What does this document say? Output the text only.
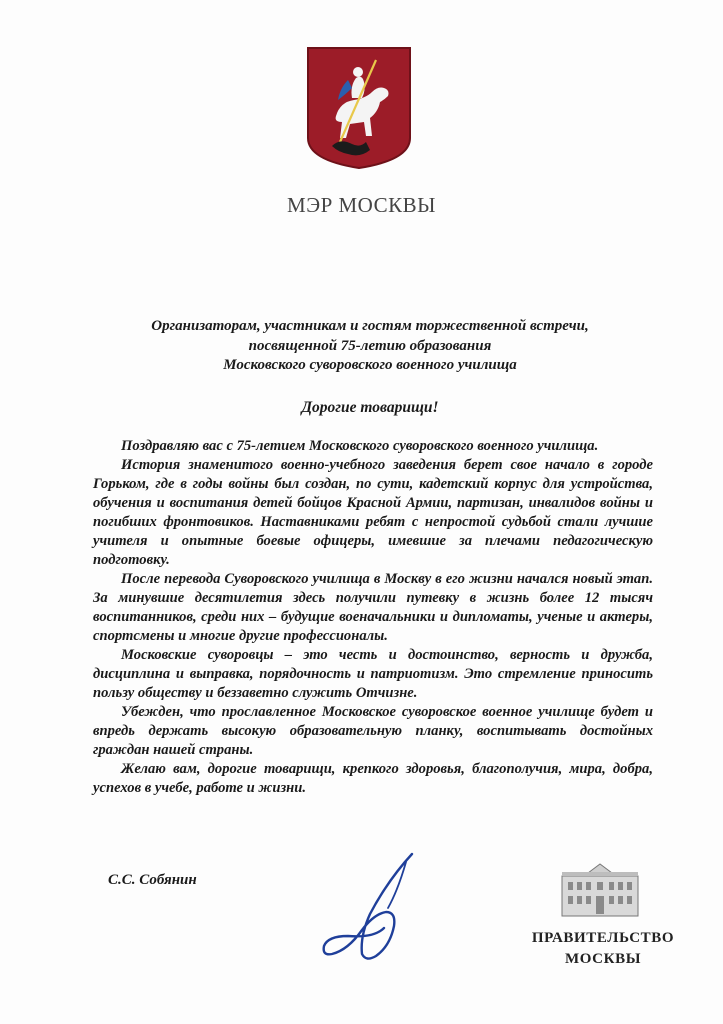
МЭР МОСКВЫ
Организаторам, участникам и гостям торжественной встречи,
посвященной 75-летию образования
Московского суворовского военного училища
Дорогие товарищи!

Поздравляю вас с 75-летием Московского суворовского военного училища.

История знаменитого военно-учебного заведения берет свое начало в городе Горьком, где в годы войны был создан, по сути, кадетский корпус для устройства, обучения и воспитания детей бойцов Красной Армии, партизан, инвалидов войны и погибших фронтовиков. Наставниками ребят с непростой судьбой стали лучшие учителя и опытные боевые офицеры, имевшие за плечами педагогическую подготовку.

После перевода Суворовского училища в Москву в его жизни начался новый этап. За минувшие десятилетия здесь получили путевку в жизнь более 12 тысяч воспитанников, среди них – будущие военачальники и дипломаты, ученые и актеры, спортсмены и многие другие профессионалы.

Московские суворовцы – это честь и достоинство, верность и дружба, дисциплина и выправка, порядочность и патриотизм. Это стремление приносить пользу обществу и беззаветно служить Отчизне.

Убежден, что прославленное Московское суворовское военное училище будет и впредь держать высокую образовательную планку, воспитывать достойных граждан нашей страны.

Желаю вам, дорогие товарищи, крепкого здоровья, благополучия, мира, добра, успехов в учебе, работе и жизни.

С.С. Собянин
ПРАВИТЕЛЬСТВО
МОСКВЫ
